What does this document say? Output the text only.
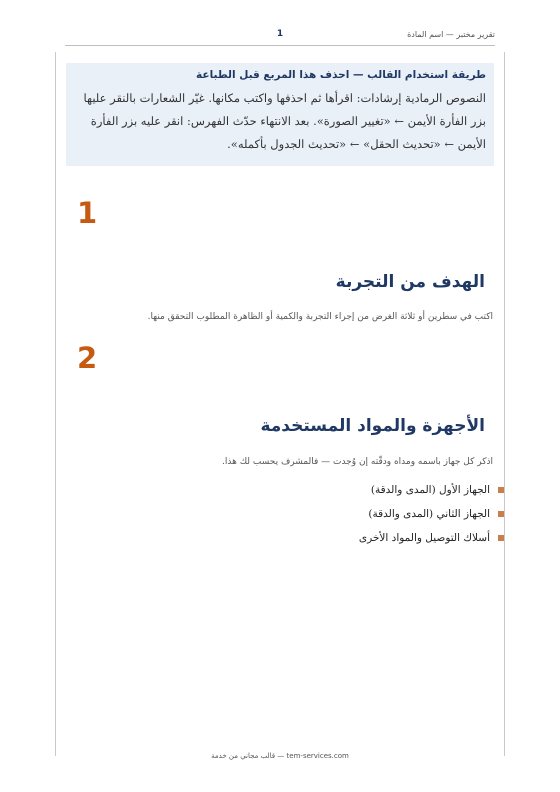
تقرير مختبر — اسم المادة
1

طريقة استخدام القالب — احذف هذا المربع قبل الطباعة

النصوص الرمادية إرشادات: اقرأها ثم احذفها واكتب مكانها. غيّر الشعارات بالنقر عليها بزر الفأرة الأيمن ← «تغيير الصورة». بعد الانتهاء حدّث الفهرس: انقر عليه بزر الفأرة الأيمن ← «تحديث الحقل» ← «تحديث الجدول بأكمله».

1
الهدف من التجربة
اكتب في سطرين أو ثلاثة الغرض من إجراء التجربة والكمية أو الظاهرة المطلوب التحقق منها.
2
الأجهزة والمواد المستخدمة
اذكر كل جهاز باسمه ومداه ودقّته إن وُجدت — فالمشرف يحسب لك هذا.
الجهاز الأول (المدى والدقة)
الجهاز الثاني (المدى والدقة)
أسلاك التوصيل والمواد الأخرى
tem-services.com — قالب مجاني من خدمة
